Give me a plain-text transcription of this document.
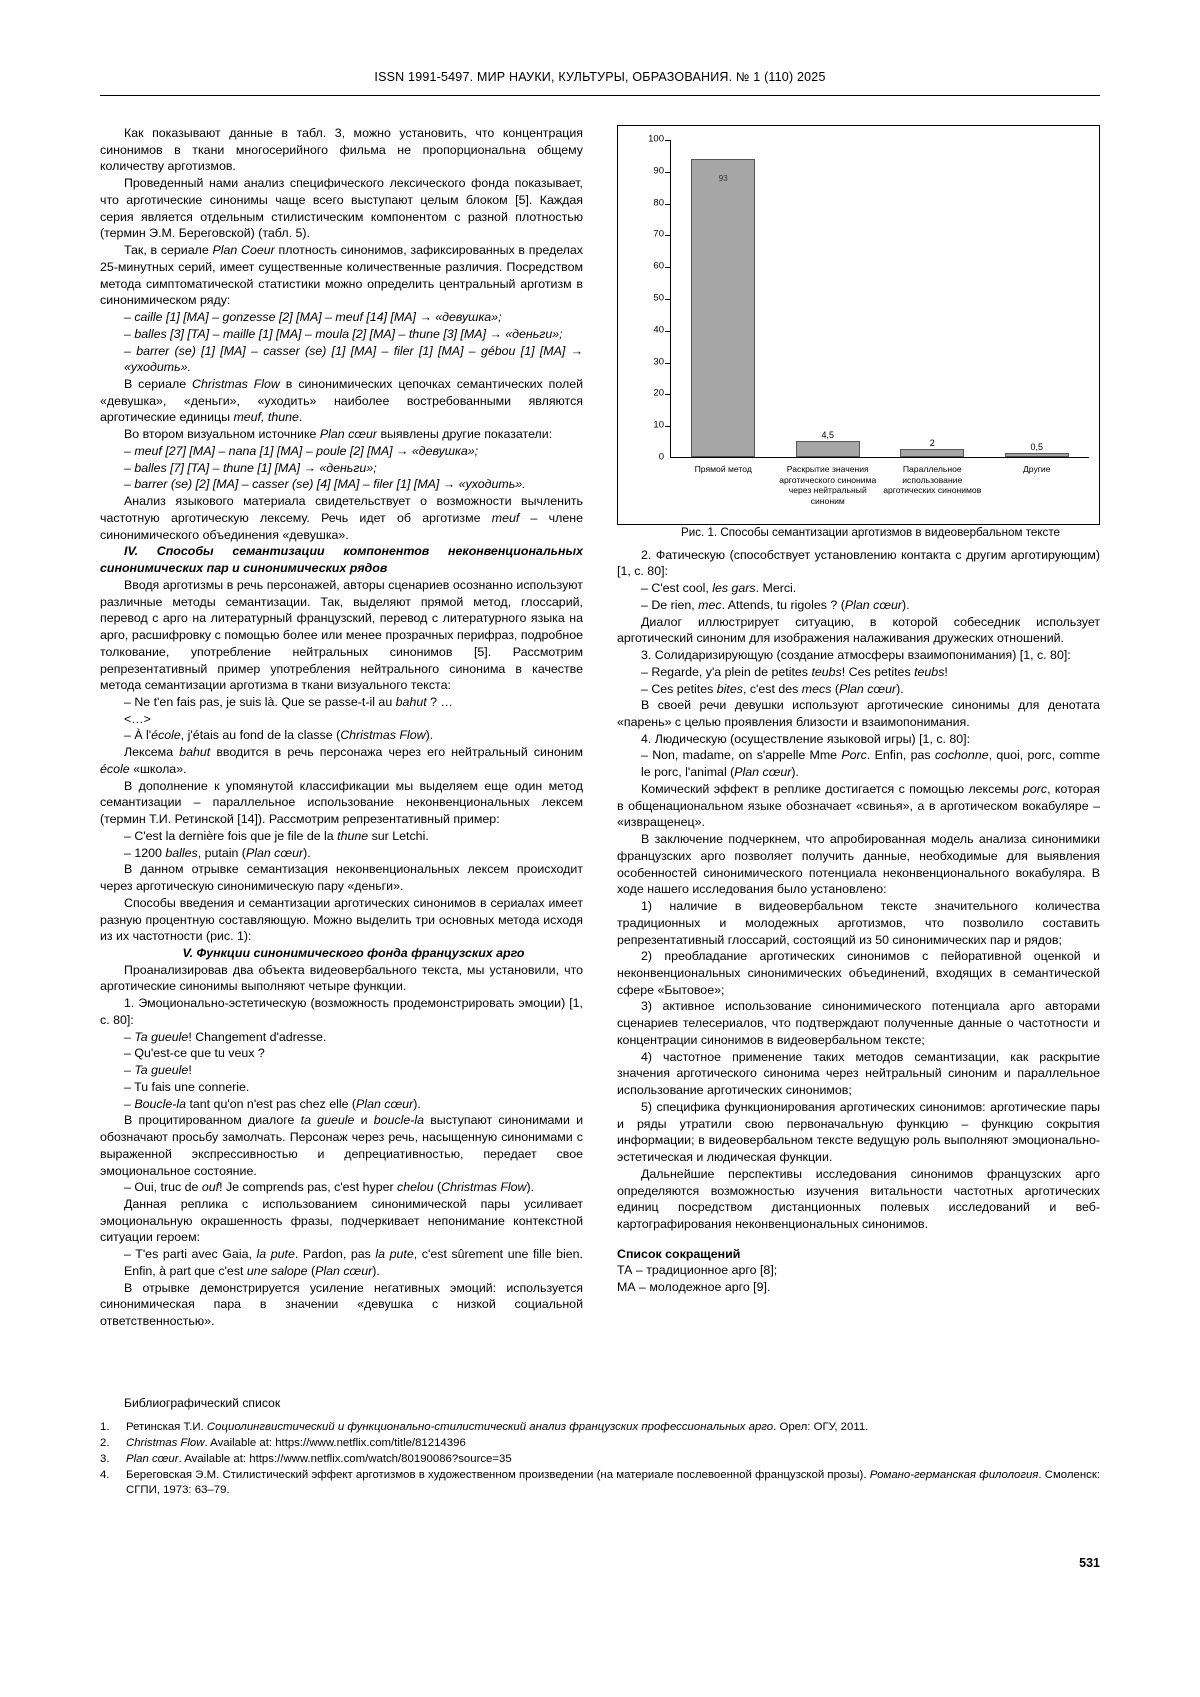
ISSN 1991-5497. МИР НАУКИ, КУЛЬТУРЫ, ОБРАЗОВАНИЯ. № 1 (110) 2025

Как показывают данные в табл. 3, можно установить, что концентрация синонимов в ткани многосерийного фильма не пропорциональна общему количеству арготизмов.

Проведенный нами анализ специфического лексического фонда показывает, что арготические синонимы чаще всего выступают целым блоком [5]. Каждая серия является отдельным стилистическим компонентом с разной плотностью (термин Э.М. Береговской) (табл. 5).

Так, в сериале Plan Coeur плотность синонимов, зафиксированных в пределах 25-минутных серий, имеет существенные количественные различия. Посредством метода симптоматической статистики можно определить центральный арготизм в синонимическом ряду:

– caille [1] [MA] – gonzesse [2] [MA] – meuf [14] [MA] → «девушка»;

– balles [3] [TA] – maille [1] [MA] – moula [2] [MA] – thune [3] [MA] → «деньги»;

– barrer (se) [1] [MA] – casser (se) [1] [MA] – filer [1] [MA] – gébou [1] [MA] → «уходить».

В сериале Christmas Flow в синонимических цепочках семантических полей «девушка», «деньги», «уходить» наиболее востребованными являются арготические единицы meuf, thune.

Во втором визуальном источнике Plan cœur выявлены другие показатели:

– meuf [27] [MA] – nana [1] [MA] – poule [2] [MA] → «девушка»;

– balles [7] [TA] – thune [1] [MA] → «деньги»;

– barrer (se) [2] [MA] – casser (se) [4] [MA] – filer [1] [MA] → «уходить».

Анализ языкового материала свидетельствует о возможности вычленить частотную арготическую лексему. Речь идет об арготизме meuf – члене синонимического объединения «девушка».

IV. Способы семантизации компонентов неконвенциональных синонимических пар и синонимических рядов

Вводя арготизмы в речь персонажей, авторы сценариев осознанно используют различные методы семантизации. Так, выделяют прямой метод, глоссарий, перевод с арго на литературный французский, перевод с литературного языка на арго, расшифровку с помощью более или менее прозрачных перифраз, подробное толкование, употребление нейтральных синонимов [5]. Рассмотрим репрезентативный пример употребления нейтрального синонима в качестве метода семантизации арготизма в ткани визуального текста:

– Ne t'en fais pas, je suis là. Que se passe-t-il au bahut ? …

<…>

– À l'école, j'étais au fond de la classe (Christmas Flow).

Лексема bahut вводится в речь персонажа через его нейтральный синоним école «школа».

В дополнение к упомянутой классификации мы выделяем еще один метод семантизации – параллельное использование неконвенциональных лексем (термин Т.И. Ретинской [14]). Рассмотрим репрезентативный пример:

– C'est la dernière fois que je file de la thune sur Letchi.

– 1200 balles, putain (Plan cœur).

В данном отрывке семантизация неконвенциональных лексем происходит через арготическую синонимическую пару «деньги».

Способы введения и семантизации арготических синонимов в сериалах имеет разную процентную составляющую. Можно выделить три основных метода исходя из их частотности (рис. 1):

V. Функции синонимического фонда французских арго

Проанализировав два объекта видеовербального текста, мы установили, что арготические синонимы выполняют четыре функции.

1. Эмоционально-эстетическую (возможность продемонстрировать эмоции) [1, с. 80]:

– Ta gueule! Changement d'adresse.

– Qu'est-ce que tu veux ?

– Ta gueule!

– Tu fais une connerie.

– Boucle-la tant qu'on n'est pas chez elle (Plan cœur).

В процитированном диалоге ta gueule и boucle-la выступают синонимами и обозначают просьбу замолчать. Персонаж через речь, насыщенную синонимами с выраженной экспрессивностью и депрециативностью, передает свое эмоциональное состояние.

– Oui, truc de ouf! Je comprends pas, c'est hyper chelou (Christmas Flow).

Данная реплика с использованием синонимической пары усиливает эмоциональную окрашенность фразы, подчеркивает непонимание контекстной ситуации героем:

– T'es parti avec Gaia, la pute. Pardon, pas la pute, c'est sûrement une fille bien. Enfin, à part que c'est une salope (Plan cœur).

В отрывке демонстрируется усиление негативных эмоций: используется синонимическая пара в значении «девушка с низкой социальной ответственностью».

100
90
80
70
60
50
40
30
20
10
0
93
4,5
2	0,5
Прямой метод	Раскрытие значения арготического синонима через нейтральный синоним
Параллельное использование арготических синонимов
Другие

Рис. 1. Способы семантизации арготизмов в видеовербальном тексте

2. Фатическую (способствует установлению контакта с другим арготирующим) [1, с. 80]:

– C'est cool, les gars. Merci.

– De rien, mec. Attends, tu rigoles ? (Plan cœur).

Диалог иллюстрирует ситуацию, в которой собеседник использует арготический синоним для изображения налаживания дружеских отношений.

3. Солидаризирующую (создание атмосферы взаимопонимания) [1, с. 80]:

– Regarde, y'a plein de petites teubs! Ces petites teubs!

– Ces petites bites, c'est des mecs (Plan cœur).

В своей речи девушки используют арготические синонимы для денотата «парень» с целью проявления близости и взаимопонимания.

4. Людическую (осуществление языковой игры) [1, с. 80]:

– Non, madame, on s'appelle Mme Porc. Enfin, pas cochonne, quoi, porc, comme le porc, l'animal (Plan cœur).

Комический эффект в реплике достигается с помощью лексемы porc, которая в общенациональном языке обозначает «свинья», а в арготическом вокабуляре – «извращенец».

В заключение подчеркнем, что апробированная модель анализа синонимики французских арго позволяет получить данные, необходимые для выявления особенностей синонимического потенциала неконвенционального вокабуляра. В ходе нашего исследования было установлено:

1) наличие в видеовербальном тексте значительного количества традиционных и молодежных арготизмов, что позволило составить репрезентативный глоссарий, состоящий из 50 синонимических пар и рядов;

2) преобладание арготических синонимов с пейоративной оценкой и неконвенциональных синонимических объединений, входящих в семантической сфере «Бытовое»;

3) активное использование синонимического потенциала арго авторами сценариев телесериалов, что подтверждают полученные данные о частотности и концентрации синонимов в видеовербальном тексте;

4) частотное применение таких методов семантизации, как раскрытие значения арготического синонима через нейтральный синоним и параллельное использование арготических синонимов;

5) специфика функционирования арготических синонимов: арготические пары и ряды утратили свою первоначальную функцию – функцию сокрытия информации; в видеовербальном тексте ведущую роль выполняют эмоционально-эстетическая и людическая функции.

Дальнейшие перспективы исследования синонимов французских арго определяются возможностью изучения витальности частотных арготических единиц посредством дистанционных полевых исследований и веб-картографирования неконвенциональных синонимов.

Список сокращений

ТА – традиционное арго [8];

МА – молодежное арго [9].

Библиографический список

1.	Ретинская Т.И. Социолингвистический и функционально-стилистический анализ французских профессиональных арго. Орел: ОГУ, 2011.
2.	Christmas Flow. Available at: https://www.netflix.com/title/81214396
3.	Plan cœur. Available at: https://www.netflix.com/watch/80190086?source=35
4.	Береговская Э.М. Стилистический эффект арготизмов в художественном произведении (на материале послевоенной французской прозы). Романо-германская филология. Смоленск: СГПИ, 1973: 63–79.
531
